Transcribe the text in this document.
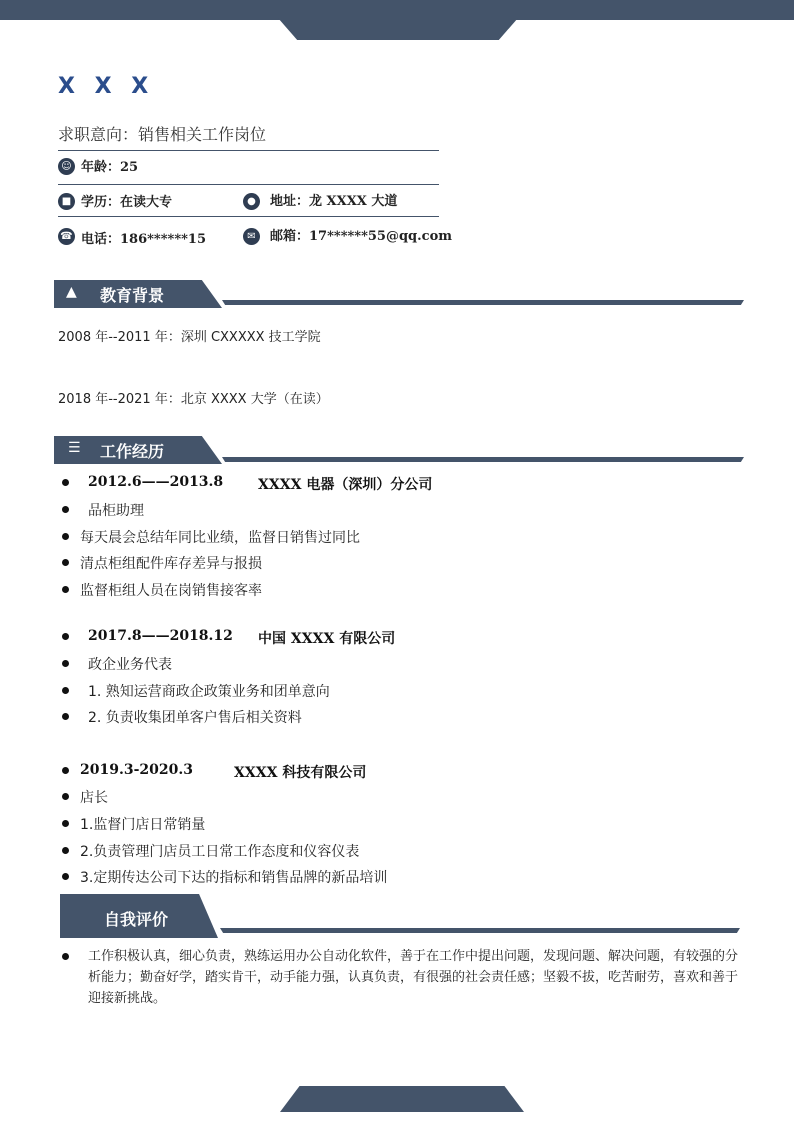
X X X
求职意向：销售相关工作岗位
☺ 年龄：25
■ 学历：在读大专	●	地址：龙 XXXX 大道
☎ 电话：186******15	✉	邮箱：17******55@qq.com
▲ 教育背景
2008 年--2011 年：深圳 CXXXXX 技工学院
2018 年--2021 年：北京 XXXX 大学（在读）
☰ 工作经历
2012.6——2013.8 XXXX 电器（深圳）分公司
品柜助理
每天晨会总结年同比业绩，监督日销售过同比
清点柜组配件库存差异与报损
监督柜组人员在岗销售接客率
2017.8——2018.12 中国 XXXX 有限公司
政企业务代表
1. 熟知运营商政企政策业务和团单意向
2. 负责收集团单客户售后相关资料
2019.3-2020.3	XXXX 科技有限公司
店长
1.监督门店日常销量
2.负责管理门店员工日常工作态度和仪容仪表
3.定期传达公司下达的指标和销售品牌的新品培训
自我评价
工作积极认真，细心负责，熟练运用办公自动化软件，善于在工作中提出问题，发现问题、解决问题，有较强的分析能力；勤奋好学，踏实肯干，动手能力强，认真负责，有很强的社会责任感；坚毅不拔，吃苦耐劳，喜欢和善于迎接新挑战。
